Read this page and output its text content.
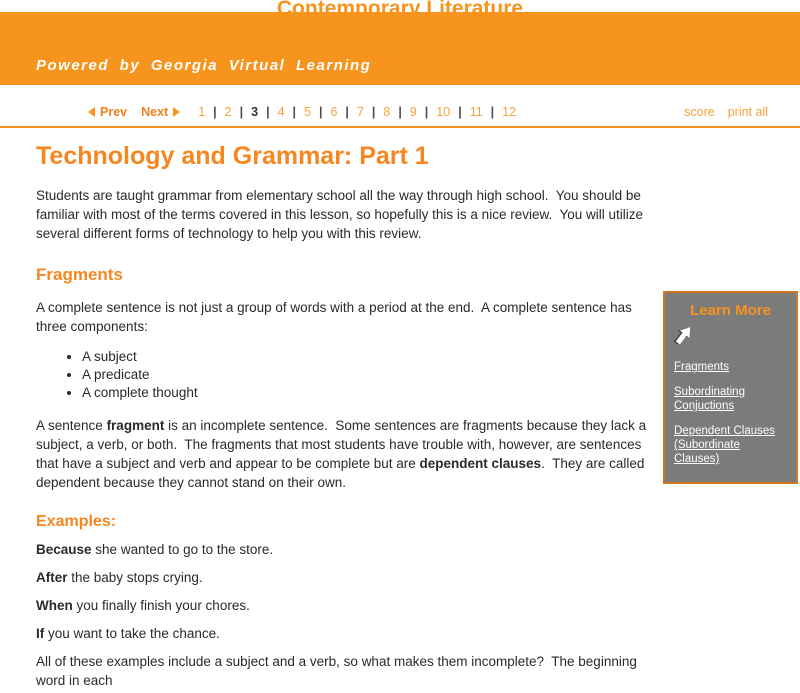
Contemporary Literature
Powered by Georgia Virtual Learning
Prev Next 1	| 2	| 3	| 4	| 5	| 6	| 7	| 8	| 9	| 10	| 11	| 12	score print all
Technology and Grammar: Part 1

Students are taught grammar from elementary school all the way through high school.  You should be familiar with most of the terms covered in this lesson, so hopefully this is a nice review.  You will utilize several different forms of technology to help you with this review.

Fragments

A complete sentence is not just a group of words with a period at the end.  A complete sentence has three components:

• A subject
• A predicate
• A complete thought

A sentence fragment is an incomplete sentence.  Some sentences are fragments because they lack a subject, a verb, or both.  The fragments that most students have trouble with, however, are sentences that have a subject and verb and appear to be complete but are dependent clauses.  They are called dependent because they cannot stand on their own.

Examples:

Because she wanted to go to the store.

After the baby stops crying.

When you finally finish your chores.

If you want to take the chance.

All of these examples include a subject and a verb, so what makes them incomplete?  The beginning word in each

Learn More
Fragments
Subordinating Conjuctions
Dependent Clauses (Subordinate Clauses)
